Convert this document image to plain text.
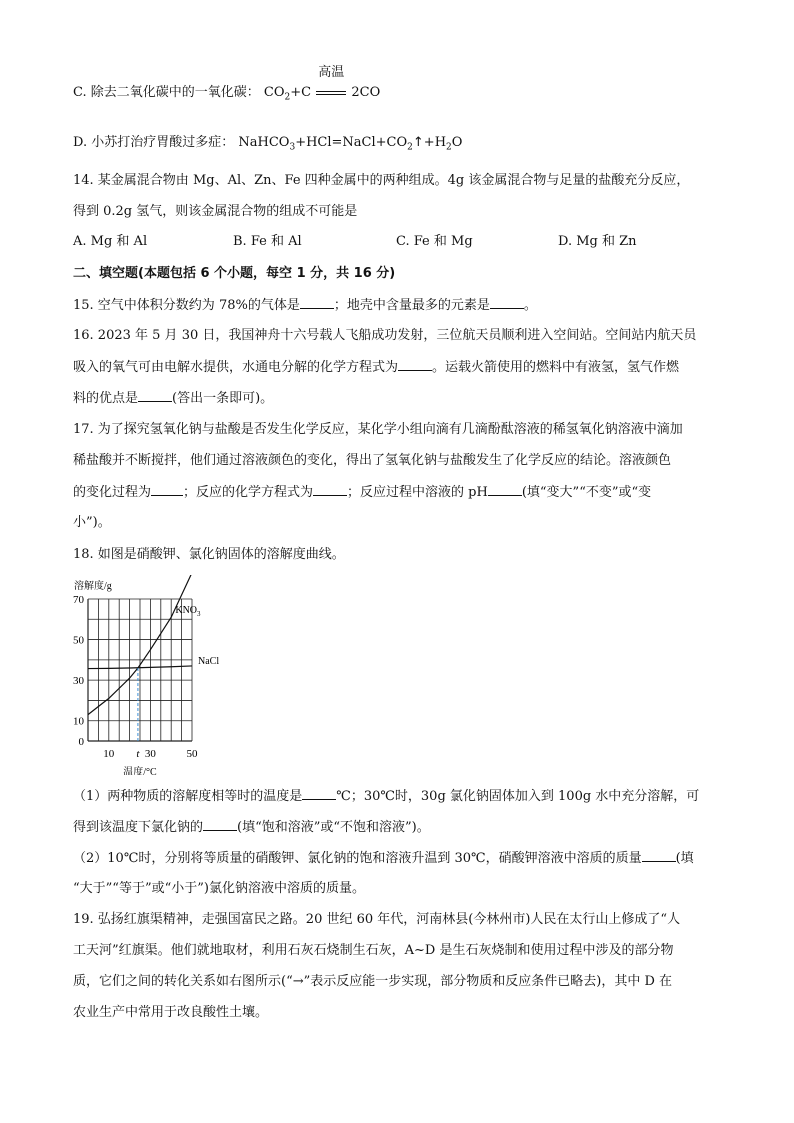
C. 除去二氧化碳中的一氧化碳： $CO_2+C$
高温
2CO
D. 小苏打治疗胃酸过多症： $NaHCO_3+HCl=NaCl+CO_2↑+H_2O$
14. 某金属混合物由 Mg、Al、Zn、Fe 四种金属中的两种组成。4g 该金属混合物与足量的盐酸充分反应，
得到 0.2g 氢气，则该金属混合物的组成不可能是
A. Mg 和 Al	B. Fe 和 Al	C. Fe 和 Mg	D. Mg 和 Zn
二、填空题(本题包括 6 个小题，每空 1 分，共 16 分)
15. 空气中体积分数约为 78%的气体是	；地壳中含量最多的元素是	。
16. 2023 年 5 月 30 日，我国神舟十六号载人飞船成功发射，三位航天员顺利进入空间站。空间站内航天员
吸入的氧气可由电解水提供，水通电分解的化学方程式为	。运载火箭使用的燃料中有液氢，氢气作燃
料的优点是	(答出一条即可)。
17. 为了探究氢氧化钠与盐酸是否发生化学反应，某化学小组向滴有几滴酚酞溶液的稀氢氧化钠溶液中滴加
稀盐酸并不断搅拌，他们通过溶液颜色的变化，得出了氢氧化钠与盐酸发生了化学反应的结论。溶液颜色
的变化过程为 ；反应的化学方程式为	；反应过程中溶液的 pH	(填“变大”“不变”或“变
小”)。
18. 如图是硝酸钾、氯化钠固体的溶解度曲线。
0
10
30
50
70
10 t 30	50
溶解度/g
温度/°C
$KNO_3$
NaCl
（1）两种物质的溶解度相等时的温度是	℃；30℃时，30g 氯化钠固体加入到 100g 水中充分溶解，可
得到该温度下氯化钠的	(填“饱和溶液”或“不饱和溶液”)。
（2）10℃时，分别将等质量的硝酸钾、氯化钠的饱和溶液升温到 30℃，硝酸钾溶液中溶质的质量	(填
“大于”“等于”或“小于”)氯化钠溶液中溶质的质量。
19. 弘扬红旗渠精神，走强国富民之路。20 世纪 60 年代，河南林县(今林州市)人民在太行山上修成了“人
工天河”红旗渠。他们就地取材，利用石灰石烧制生石灰，A~D 是生石灰烧制和使用过程中涉及的部分物
质，它们之间的转化关系如右图所示(“→”表示反应能一步实现，部分物质和反应条件已略去)，其中 D 在
农业生产中常用于改良酸性土壤。
